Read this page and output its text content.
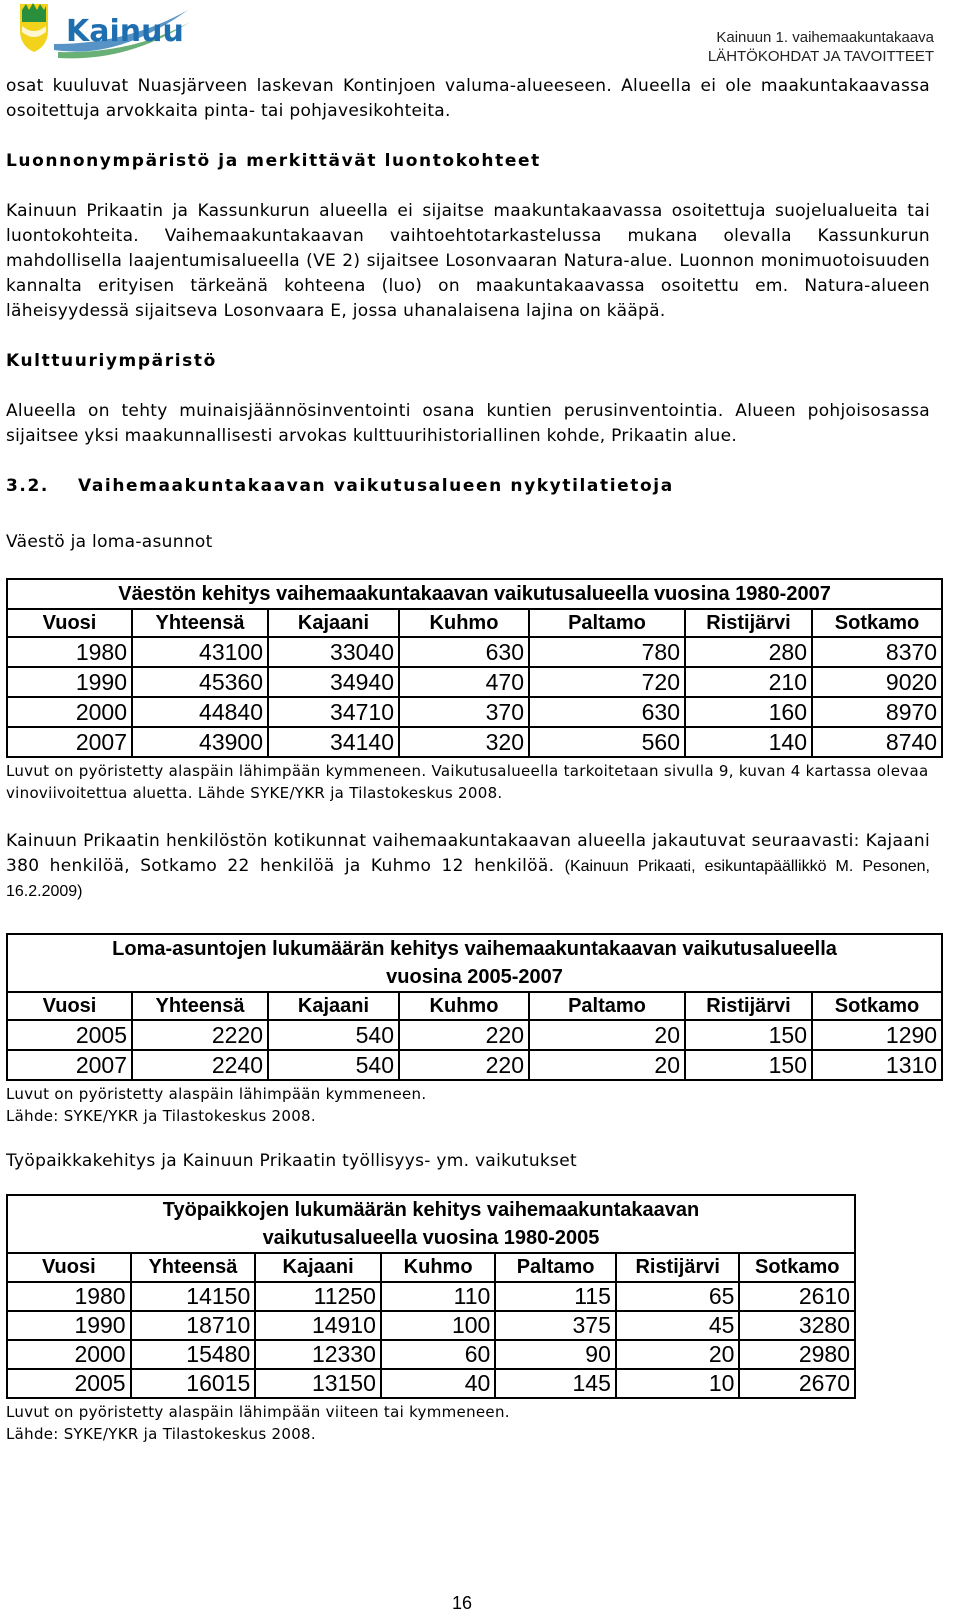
Kainuu	Kainuun 1. vaihemaakuntakaava
LÄHTÖKOHDAT JA TAVOITTEET

osat kuuluvat Nuasjärveen laskevan Kontinjoen valuma-alueeseen. Alueella ei ole maakuntakaavassa osoitettuja arvokkaita pinta- tai pohjavesikohteita.

Luonnonympäristö ja merkittävät luontokohteet

Kainuun Prikaatin ja Kassunkurun alueella ei sijaitse maakuntakaavassa osoitettuja suojelualueita tai luontokohteita. Vaihemaakuntakaavan vaihtoehtotarkastelussa mukana olevalla Kassunkurun mahdollisella laajentumisalueella (VE 2) sijaitsee Losonvaaran Natura-alue. Luonnon monimuotoisuuden kannalta erityisen tärkeänä kohteena (luo) on maakuntakaavassa osoitettu em. Natura-alueen läheisyydessä sijaitseva Losonvaara E, jossa uhanalaisena lajina on kääpä.

Kulttuuriympäristö

Alueella on tehty muinaisjäännösinventointi osana kuntien perusinventointia. Alueen pohjoisosassa sijaitsee yksi maakunnallisesti arvokas kulttuurihistoriallinen kohde, Prikaatin alue.

3.2. Vaihemaakuntakaavan vaikutusalueen nykytilatietoja

Väestö ja loma-asunnot

Väestön kehitys vaihemaakuntakaavan vaikutusalueella vuosina 1980-2007						
Vuosi	Yhteensä	Kajaani	Kuhmo	Paltamo	Ristijärvi	Sotkamo
1980	43100	33040	630	780	280	8370
1990	45360	34940	470	720	210	9020
2000	44840	34710	370	630	160	8970
2007	43900	34140	320	560	140	8740

Luvut on pyöristetty alaspäin lähimpään kymmeneen. Vaikutusalueella tarkoitetaan sivulla 9, kuvan 4 kartassa olevaa vinoviivoitettua aluetta. Lähde SYKE/YKR ja Tilastokeskus 2008.

Kainuun Prikaatin henkilöstön kotikunnat vaihemaakuntakaavan alueella jakautuvat seuraavasti: Kajaani 380 henkilöä, Sotkamo 22 henkilöä ja Kuhmo 12 henkilöä. (Kainuun Prikaati, esikuntapäällikkö M. Pesonen, 16.2.2009)

Loma-asuntojen lukumäärän kehitys vaihemaakuntakaavan vaikutusalueella
vuosina 2005-2007						

Vuosi	Yhteensä	Kajaani	Kuhmo	Paltamo	Ristijärvi	Sotkamo
2005	2220	540	220	20	150	1290
2007	2240	540	220	20	150	1310

Luvut on pyöristetty alaspäin lähimpään kymmeneen.

Lähde: SYKE/YKR ja Tilastokeskus 2008.

Työpaikkakehitys ja Kainuun Prikaatin työllisyys- ym. vaikutukset

Työpaikkojen lukumäärän kehitys vaihemaakuntakaavan
vaikutusalueella vuosina 1980-2005						

Vuosi	Yhteensä	Kajaani	Kuhmo	Paltamo	Ristijärvi	Sotkamo
1980	14150	11250	110	115	65	2610
1990	18710	14910	100	375	45	3280
2000	15480	12330	60	90	20	2980
2005	16015	13150	40	145	10	2670

Luvut on pyöristetty alaspäin lähimpään viiteen tai kymmeneen.

Lähde: SYKE/YKR ja Tilastokeskus 2008.

16
